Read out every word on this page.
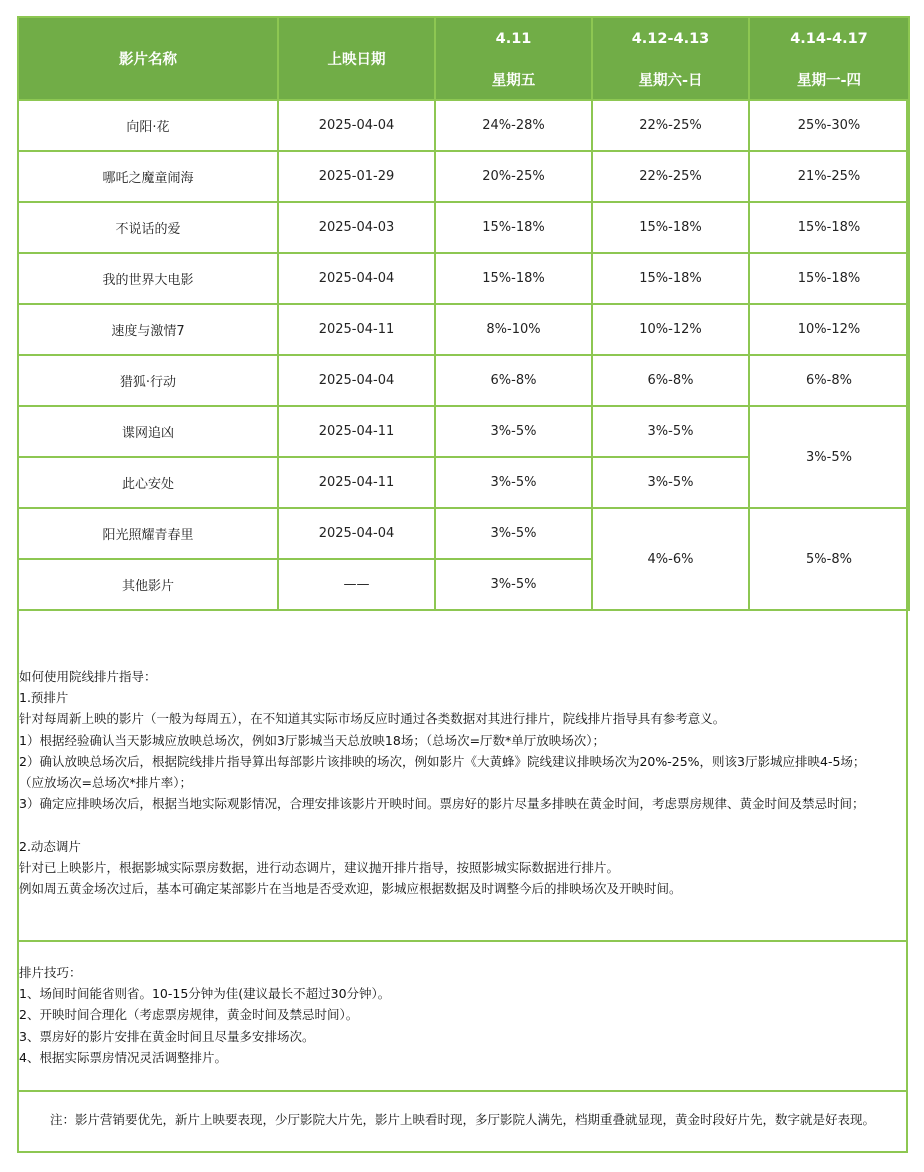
影片名称	上映日期	4.11	4.12-4.13	4.14-4.17
		星期五	星期六-日	星期一-四
向阳·花	2025-04-04	24%-28%	22%-25%	25%-30%
哪吒之魔童闹海	2025-01-29	20%-25%	22%-25%	21%-25%
不说话的爱	2025-04-03	15%-18%	15%-18%	15%-18%
我的世界大电影	2025-04-04	15%-18%	15%-18%	15%-18%
速度与激情7	2025-04-11	8%-10%	10%-12%	10%-12%
猎狐·行动	2025-04-04	6%-8%	6%-8%	6%-8%
谍网追凶	2025-04-11	3%-5%	3%-5%	3%-5%
此心安处	2025-04-11	3%-5%	3%-5%	
阳光照耀青春里	2025-04-04	3%-5%	4%-6%	5%-8%
其他影片	——	3%-5%		

如何使用院线排片指导：

1.预排片

针对每周新上映的影片（一般为每周五），在不知道其实际市场反应时通过各类数据对其进行排片，院线排片指导具有参考意义。

1）根据经验确认当天影城应放映总场次，例如3厅影城当天总放映18场；（总场次=厅数*单厅放映场次）；

2）确认放映总场次后，根据院线排片指导算出每部影片该排映的场次，例如影片《大黄蜂》院线建议排映场次为20%-25%，则该3厅影城应排映4-5场；

（应放场次=总场次*排片率）；

3）确定应排映场次后，根据当地实际观影情况，合理安排该影片开映时间。票房好的影片尽量多排映在黄金时间，考虑票房规律、黄金时间及禁忌时间；

2.动态调片

针对已上映影片，根据影城实际票房数据，进行动态调片，建议抛开排片指导，按照影城实际数据进行排片。

例如周五黄金场次过后，基本可确定某部影片在当地是否受欢迎，影城应根据数据及时调整今后的排映场次及开映时间。

排片技巧：

1、场间时间能省则省。10-15分钟为佳(建议最长不超过30分钟）。

2、开映时间合理化（考虑票房规律，黄金时间及禁忌时间）。

3、票房好的影片安排在黄金时间且尽量多安排场次。

4、根据实际票房情况灵活调整排片。

注：影片营销要优先，新片上映要表现，少厅影院大片先，影片上映看时现，多厅影院人满先，档期重叠就显现，黄金时段好片先，数字就是好表现。
